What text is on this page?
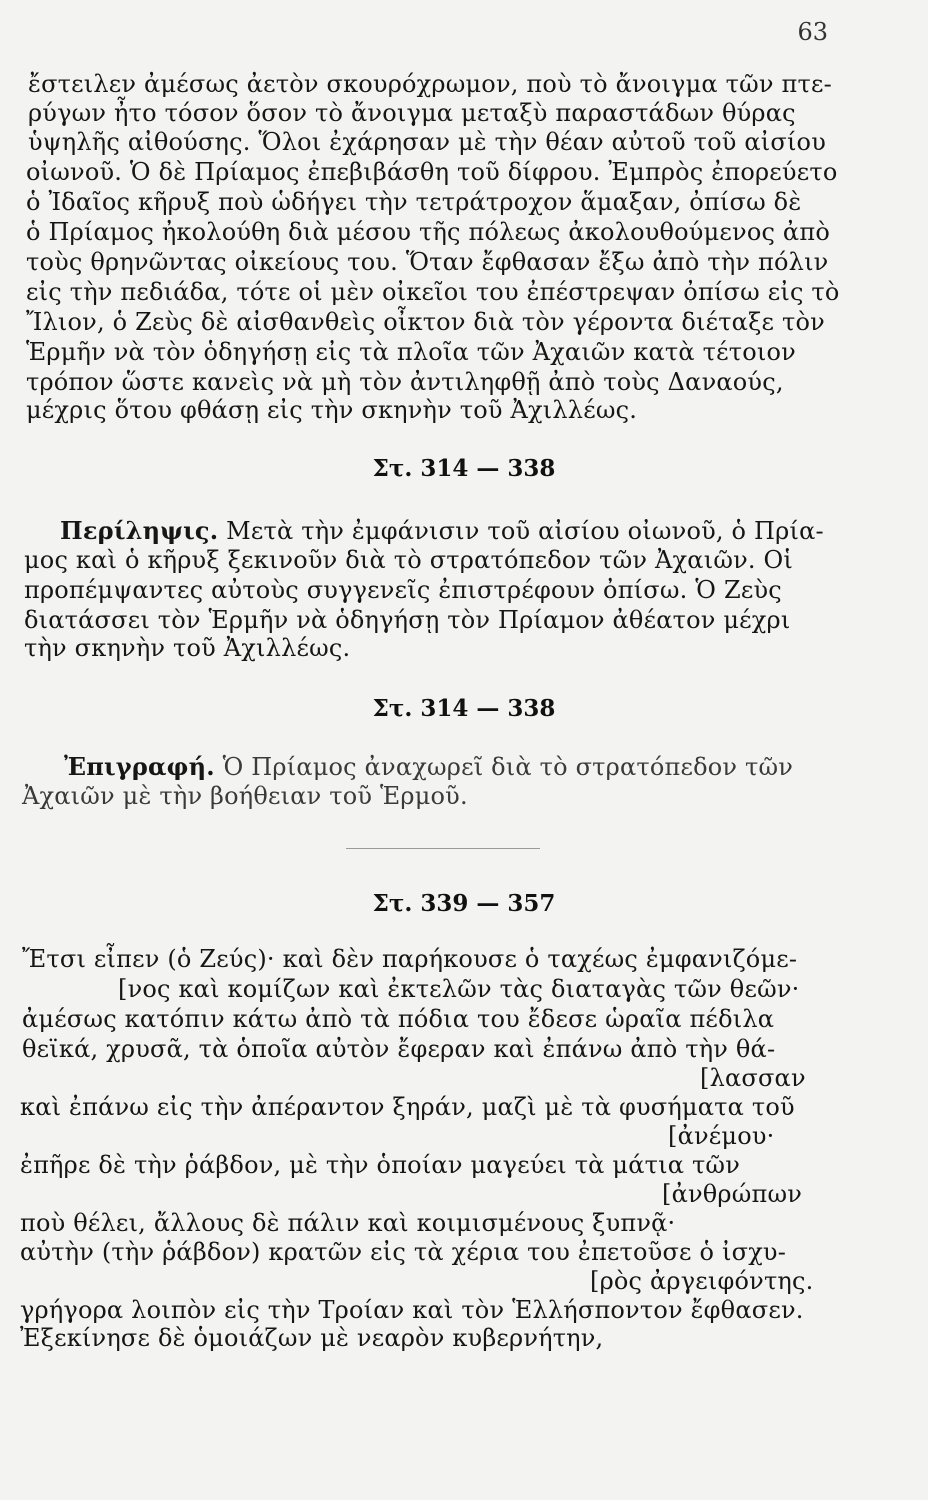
63
ἔστειλεν ἀμέσως ἀετὸν σκουρόχρωμον, ποὺ τὸ ἄνοιγμα τῶν πτε-
ρύγων ἦτο τόσον ὅσον τὸ ἄνοιγμα μεταξὺ παραστάδων θύρας
ὑψηλῆς αἰθούσης. Ὅλοι ἐχάρησαν μὲ τὴν θέαν αὐτοῦ τοῦ αἰσίου
οἰωνοῦ. Ὁ δὲ Πρίαμος ἐπεβιβάσθη τοῦ δίφρου. Ἐμπρὸς ἐπορεύετο
ὁ Ἰδαῖος κῆρυξ ποὺ ὡδήγει τὴν τετράτροχον ἅμαξαν, ὀπίσω δὲ
ὁ Πρίαμος ἠκολούθη διὰ μέσου τῆς πόλεως ἀκολουθούμενος ἀπὸ
τοὺς θρηνῶντας οἰκείους του. Ὅταν ἔφθασαν ἔξω ἀπὸ τὴν πόλιν
εἰς τὴν πεδιάδα, τότε οἱ μὲν οἰκεῖοι του ἐπέστρεψαν ὀπίσω εἰς τὸ
Ἴλιον, ὁ Ζεὺς δὲ αἰσθανθεὶς οἶκτον διὰ τὸν γέροντα διέταξε τὸν
Ἑρμῆν νὰ τὸν ὁδηγήσῃ εἰς τὰ πλοῖα τῶν Ἀχαιῶν κατὰ τέτοιον
τρόπον ὥστε κανεὶς νὰ μὴ τὸν ἀντιληφθῇ ἀπὸ τοὺς Δαναούς,
μέχρις ὅτου φθάσῃ εἰς τὴν σκηνὴν τοῦ Ἀχιλλέως.
Στ. 314 — 338
Περίληψις. Μετὰ τὴν ἐμφάνισιν τοῦ αἰσίου οἰωνοῦ, ὁ Πρία-
μος καὶ ὁ κῆρυξ ξεκινοῦν διὰ τὸ στρατόπεδον τῶν Ἀχαιῶν. Οἱ
προπέμψαντες αὐτοὺς συγγενεῖς ἐπιστρέφουν ὀπίσω. Ὁ Ζεὺς
διατάσσει τὸν Ἑρμῆν νὰ ὁδηγήσῃ τὸν Πρίαμον ἀθέατον μέχρι
τὴν σκηνὴν τοῦ Ἀχιλλέως.
Στ. 314 — 338
Ἐπιγραφή. Ὁ Πρίαμος ἀναχωρεῖ διὰ τὸ στρατόπεδον τῶν
Ἀχαιῶν μὲ τὴν βοήθειαν τοῦ Ἑρμοῦ.
Στ. 339 — 357
Ἔτσι εἶπεν (ὁ Ζεύς)· καὶ δὲν παρήκουσε ὁ ταχέως ἐμφανιζόμε-
[νος καὶ κομίζων καὶ ἐκτελῶν τὰς διαταγὰς τῶν θεῶν·
ἀμέσως κατόπιν κάτω ἀπὸ τὰ πόδια του ἔδεσε ὡραῖα πέδιλα
θεϊκά, χρυσᾶ, τὰ ὁποῖα αὐτὸν ἔφεραν καὶ ἐπάνω ἀπὸ τὴν θά-
[λασσαν
καὶ ἐπάνω εἰς τὴν ἀπέραντον ξηράν, μαζὶ μὲ τὰ φυσήματα τοῦ
[ἀνέμου·
ἐπῆρε δὲ τὴν ῥάβδον, μὲ τὴν ὁποίαν μαγεύει τὰ μάτια τῶν
[ἀνθρώπων
ποὺ θέλει, ἄλλους δὲ πάλιν καὶ κοιμισμένους ξυπνᾷ·
αὐτὴν (τὴν ῥάβδον) κρατῶν εἰς τὰ χέρια του ἐπετοῦσε ὁ ἰσχυ-
[ρὸς ἀργειφόντης.
γρήγορα λοιπὸν εἰς τὴν Τροίαν καὶ τὸν Ἑλλήσποντον ἔφθασεν.
Ἐξεκίνησε δὲ ὁμοιάζων μὲ νεαρὸν κυβερνήτην,
